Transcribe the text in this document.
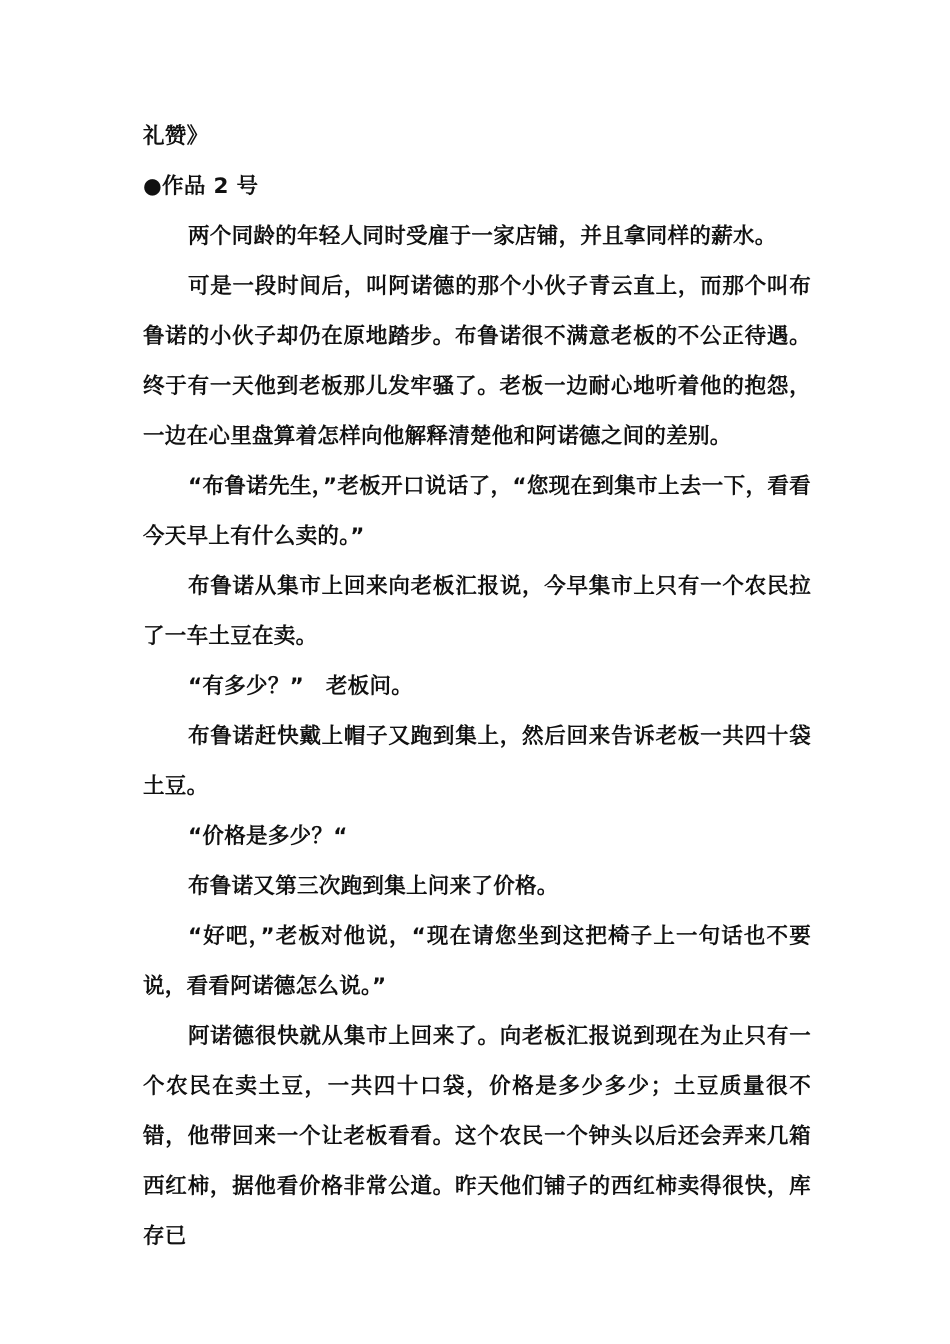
礼赞》

●作品 2 号

两个同龄的年轻人同时受雇于一家店铺，并且拿同样的薪水。

可是一段时间后，叫阿诺德的那个小伙子青云直上，而那个叫布鲁诺的小伙子却仍在原地踏步。布鲁诺很不满意老板的不公正待遇。终于有一天他到老板那儿发牢骚了。老板一边耐心地听着他的抱怨，一边在心里盘算着怎样向他解释清楚他和阿诺德之间的差别。

“布鲁诺先生，”老板开口说话了，“您现在到集市上去一下，看看今天早上有什么卖的。”

布鲁诺从集市上回来向老板汇报说，今早集市上只有一个农民拉了一车土豆在卖。

“有多少？”　老板问。

布鲁诺赶快戴上帽子又跑到集上，然后回来告诉老板一共四十袋土豆。

“价格是多少？“

布鲁诺又第三次跑到集上问来了价格。

“好吧，”老板对他说，“现在请您坐到这把椅子上一句话也不要说，看看阿诺德怎么说。”

阿诺德很快就从集市上回来了。向老板汇报说到现在为止只有一个农民在卖土豆，一共四十口袋，价格是多少多少；土豆质量很不错，他带回来一个让老板看看。这个农民一个钟头以后还会弄来几箱西红柿，据他看价格非常公道。昨天他们铺子的西红柿卖得很快，库存已
